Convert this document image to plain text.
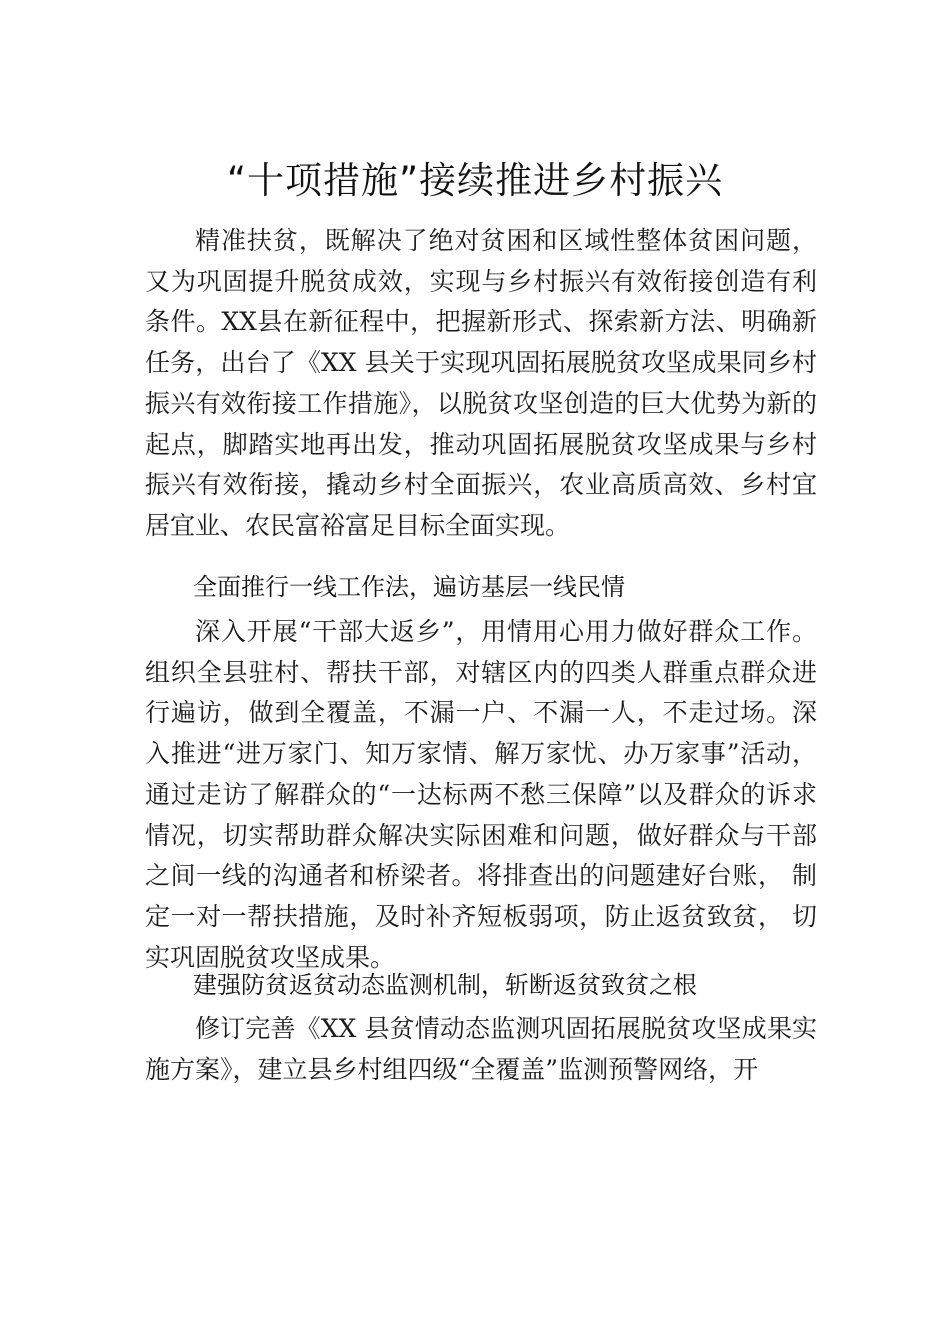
“十项措施”接续推进乡村振兴

精准扶贫，既解决了绝对贫困和区域性整体贫困问题，又为巩固提升脱贫成效，实现与乡村振兴有效衔接创造有利条件。XX县在新征程中，把握新形式、探索新方法、明确新任务，出台了《XX 县关于实现巩固拓展脱贫攻坚成果同乡村振兴有效衔接工作措施》，以脱贫攻坚创造的巨大优势为新的起点，脚踏实地再出发，推动巩固拓展脱贫攻坚成果与乡村振兴有效衔接，撬动乡村全面振兴，农业高质高效、乡村宜居宜业、农民富裕富足目标全面实现。

全面推行一线工作法，遍访基层一线民情

深入开展“干部大返乡”，用情用心用力做好群众工作。组织全县驻村、帮扶干部，对辖区内的四类人群重点群众进行遍访，做到全覆盖，不漏一户、不漏一人，不走过场。深入推进“进万家门、知万家情、解万家忧、办万家事”活动， 通过走访了解群众的“一达标两不愁三保障”以及群众的诉求情况，切实帮助群众解决实际困难和问题，做好群众与干部之间一线的沟通者和桥梁者。将排查出的问题建好台账， 制定一对一帮扶措施，及时补齐短板弱项，防止返贫致贫， 切实巩固脱贫攻坚成果。

建强防贫返贫动态监测机制，斩断返贫致贫之根

修订完善《XX 县贫情动态监测巩固拓展脱贫攻坚成果实施方案》，建立县乡村组四级“全覆盖”监测预警网络，开
